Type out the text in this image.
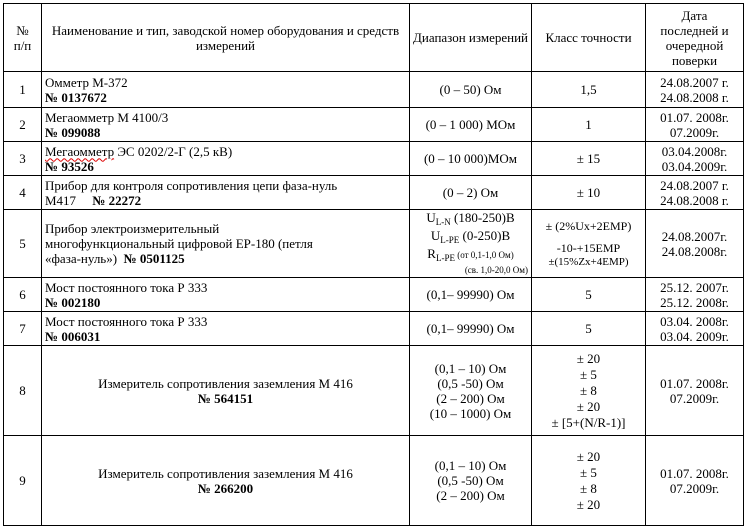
№
п/п	Наименование и тип, заводской номер оборудования и средств измерений	Диапазон измерений	Класс точности	Дата
последней и
очередной
поверки

1	Омметр М-372
№ 0137672	(0 – 50) Ом	1,5	24.08.2007 г.
24.08.2008 г.

2	Мегаомметр М 4100/3
№ 099088	(0 – 1 000) МОм	1	01.07. 2008г.
07.2009г.

3	Мегаомметр ЭС 0202/2-Г (2,5 кВ)
№ 93526	(0 – 10 000)МОм	± 15	03.04.2008г.
03.04.2009г.

4	Прибор для контроля сопротивления цепи фаза-нуль
М417 № 22272	(0 – 2) Ом	± 10	24.08.2007 г.
24.08.2008 г.

5	Прибор электроизмерительный
многофункциональный цифровой ЕР-180 (петля
«фаза-нуль») № 0501125	$U_{L-N}$ (180-250)В
$U_{L-PE}$ (0-250)В
$R_{L-PE}$ (от 0,1-1,0 Ом)
(св. 1,0-20,0 Ом)	± (2%Ux+2ЕМР)
-10-+15ЕМР
±(15%Zx+4ЕМР)	24.08.2007г.
24.08.2008г.

6	Мост постоянного тока Р 333
№ 002180	(0,1– 99990) Ом	5	25.12. 2007г.
25.12. 2008г.

7	Мост постоянного тока Р 333
№ 006031	(0,1– 99990) Ом	5	03.04. 2008г.
03.04. 2009г.

8	Измеритель сопротивления заземления М 416
№ 564151	(0,1 – 10) Ом
(0,5 -50) Ом
(2 – 200) Ом
(10 – 1000) Ом	± 20
± 5
± 8
± 20
± [5+(N/R-1)]	01.07. 2008г.
07.2009г.

9	Измеритель сопротивления заземления М 416
№ 266200	(0,1 – 10) Ом
(0,5 -50) Ом
(2 – 200) Ом	± 20
± 5
± 8
± 20	01.07. 2008г.
07.2009г.
